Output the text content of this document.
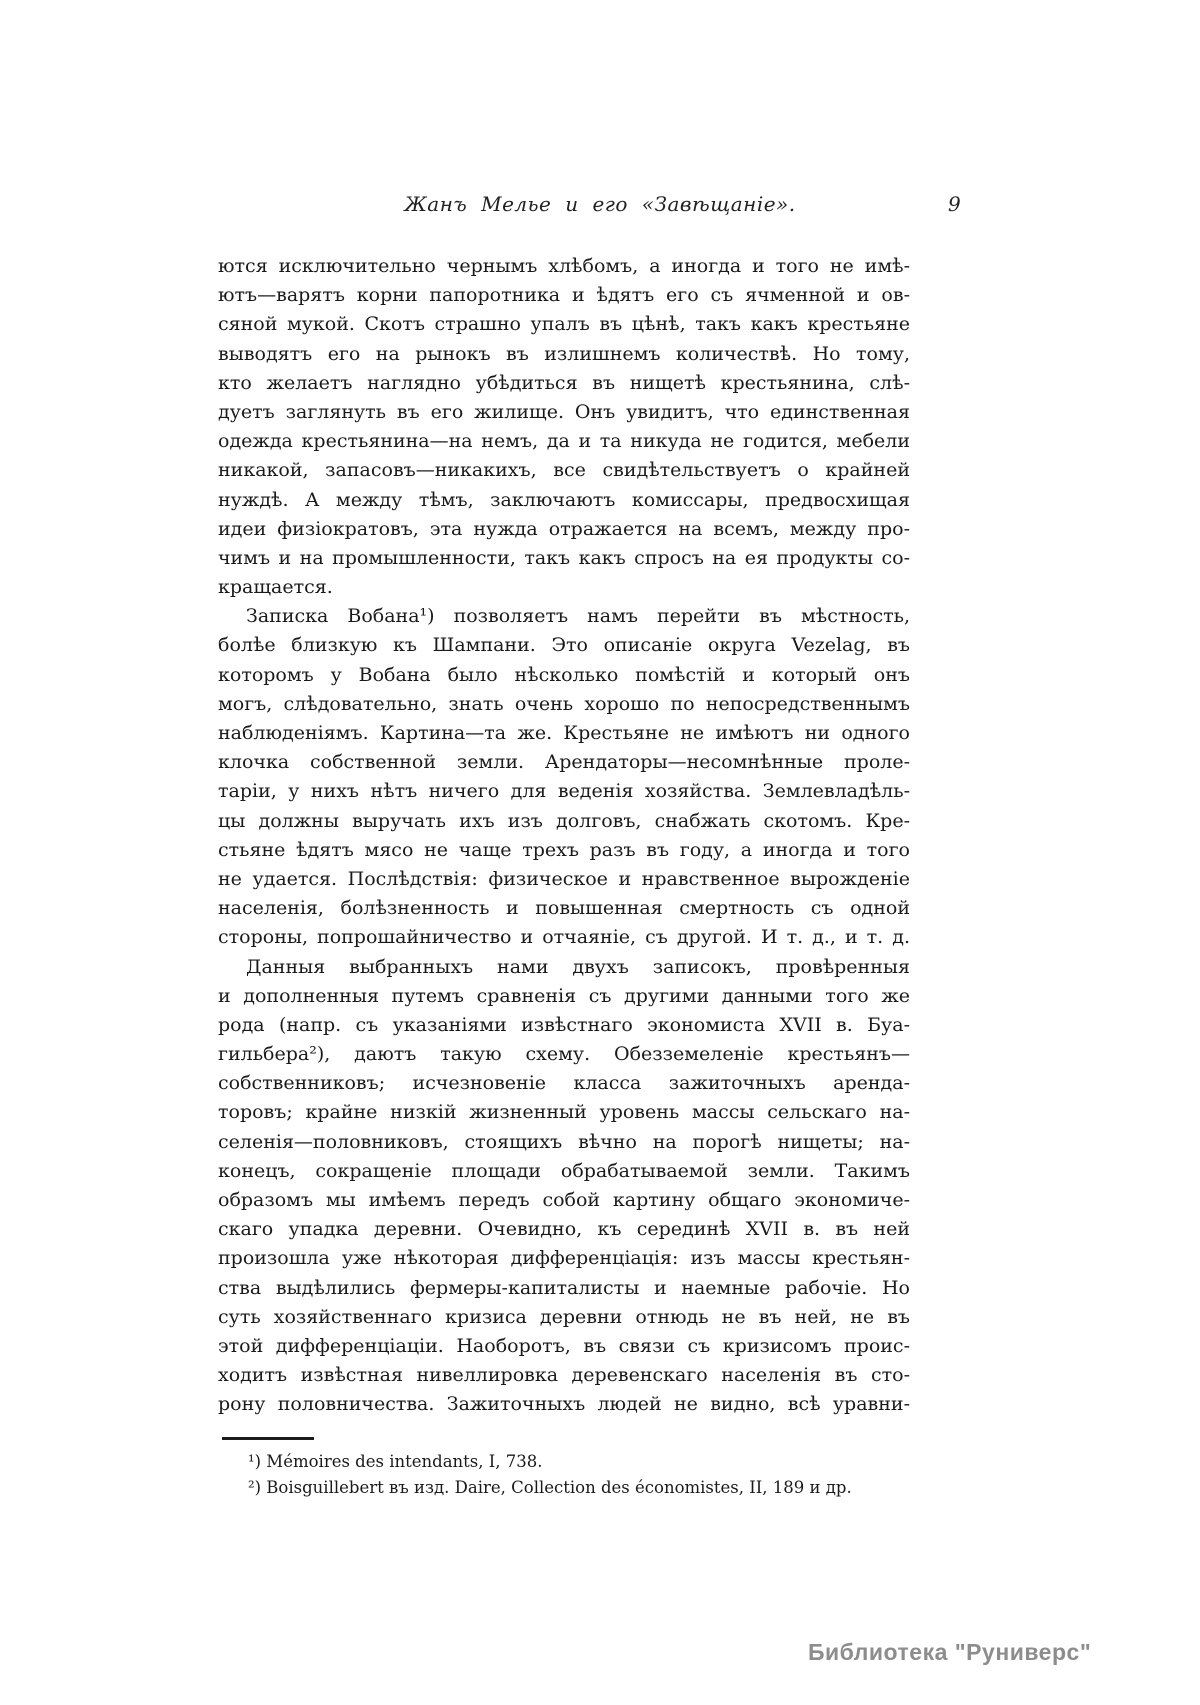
Жанъ Мелье и его «Завѣщаніе».	9
ются исключительно чернымъ хлѣбомъ, а иногда и того не имѣ-
ютъ—варятъ корни папоротника и ѣдятъ его съ ячменной и ов-
сяной мукой. Скотъ страшно упалъ въ цѣнѣ, такъ какъ крестьяне
выводятъ его на рынокъ въ излишнемъ количествѣ. Но тому,
кто желаетъ наглядно убѣдиться въ нищетѣ крестьянина, слѣ-
дуетъ заглянуть въ его жилище. Онъ увидитъ, что единственная
одежда крестьянина—на немъ, да и та никуда не годится, мебели
никакой, запасовъ—никакихъ, все свидѣтельствуетъ о крайней
нуждѣ. А между тѣмъ, заключаютъ комиссары, предвосхищая
идеи физіократовъ, эта нужда отражается на всемъ, между про-
чимъ и на промышленности, такъ какъ спросъ на ея продукты со-
кращается.
Записка Вобана¹) позволяетъ намъ перейти въ мѣстность,
болѣе близкую къ Шампани. Это описаніе округа Vezelag, въ
которомъ у Вобана было нѣсколько помѣстій и который онъ
могъ, слѣдовательно, знать очень хорошо по непосредственнымъ
наблюденіямъ. Картина—та же. Крестьяне не имѣютъ ни одного
клочка собственной земли. Арендаторы—несомнѣнные проле-
таріи, у нихъ нѣтъ ничего для веденія хозяйства. Землевладѣль-
цы должны выручать ихъ изъ долговъ, снабжать скотомъ. Кре-
стьяне ѣдятъ мясо не чаще трехъ разъ въ году, а иногда и того
не удается. Послѣдствія: физическое и нравственное вырожденіе
населенія, болѣзненность и повышенная смертность съ одной
стороны, попрошайничество и отчаяніе, съ другой. И т. д., и т. д.
Данныя выбранныхъ нами двухъ записокъ, провѣренныя
и дополненныя путемъ сравненія съ другими данными того же
рода (напр. съ указаніями извѣстнаго экономиста XVII в. Буа-
гильбера²), даютъ такую схему. Обезземеленіе крестьянъ—
собственниковъ; исчезновеніе класса зажиточныхъ аренда-
торовъ; крайне низкій жизненный уровень массы сельскаго на-
селенія—половниковъ, стоящихъ вѣчно на порогѣ нищеты; на-
конецъ, сокращеніе площади обрабатываемой земли. Такимъ
образомъ мы имѣемъ передъ собой картину общаго экономиче-
скаго упадка деревни. Очевидно, къ серединѣ XVII в. въ ней
произошла уже нѣкоторая дифференціація: изъ массы крестьян-
ства выдѣлились фермеры-капиталисты и наемные рабочіе. Но
суть хозяйственнаго кризиса деревни отнюдь не въ ней, не въ
этой дифференціаціи. Наоборотъ, въ связи съ кризисомъ проис-
ходитъ извѣстная нивеллировка деревенскаго населенія въ сто-
рону половничества. Зажиточныхъ людей не видно, всѣ уравни-
¹) Mémoires des intendants, I, 738.
²) Boisguillebert въ изд. Daire, Collection des économistes, II, 189 и др.
Библиотека "Руниверс"
